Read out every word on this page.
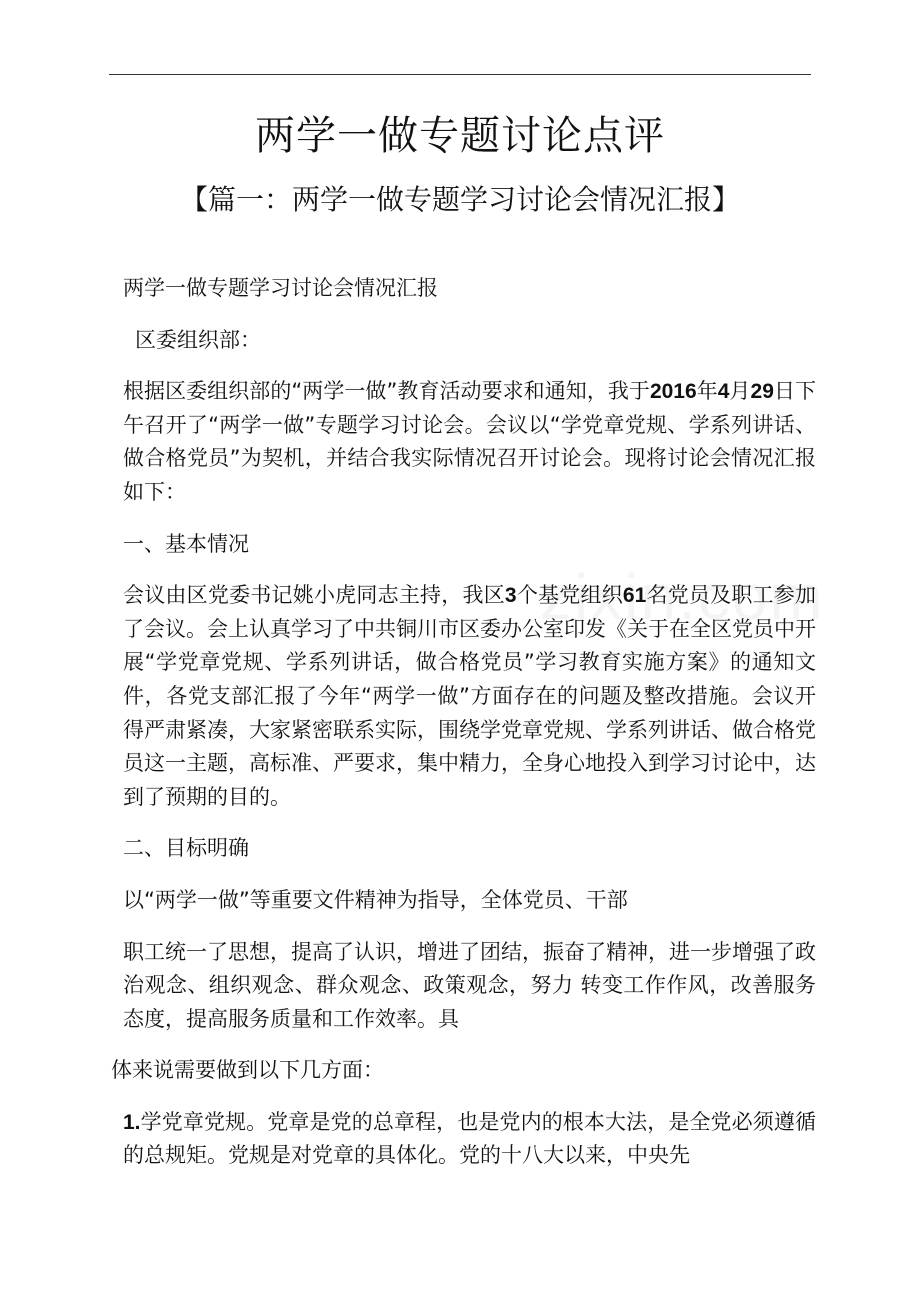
两学一做专题讨论点评
【篇一：两学一做专题学习讨论会情况汇报】

两学一做专题学习讨论会情况汇报

区委组织部：

根据区委组织部的“两学一做”教育活动要求和通知，我于2016年4月29日下午召开了“两学一做”专题学习讨论会。会议以“学党章党规、学系列讲话、做合格党员”为契机，并结合我实际情况召开讨论会。现将讨论会情况汇报如下：

一、基本情况

会议由区党委书记姚小虎同志主持，我区3个基党组织61名党员及职工参加了会议。会上认真学习了中共铜川市区委办公室印发《关于在全区党员中开展“学党章党规、学系列讲话，做合格党员”学习教育实施方案》的通知文件，各党支部汇报了今年“两学一做”方面存在的问题及整改措施。会议开得严肃紧凑，大家紧密联系实际，围绕学党章党规、学系列讲话、做合格党员这一主题，高标准、严要求，集中精力，全身心地投入到学习讨论中，达到了预期的目的。

二、目标明确

以“两学一做”等重要文件精神为指导，全体党员、干部

职工统一了思想，提高了认识，增进了团结，振奋了精神，进一步增强了政治观念、组织观念、群众观念、政策观念，努力 转变工作作风，改善服务态度，提高服务质量和工作效率。具

体来说需要做到以下几方面：

1.学党章党规。党章是党的总章程，也是党内的根本大法，是全党必须遵循的总规矩。党规是对党章的具体化。党的十八大以来，中央先
